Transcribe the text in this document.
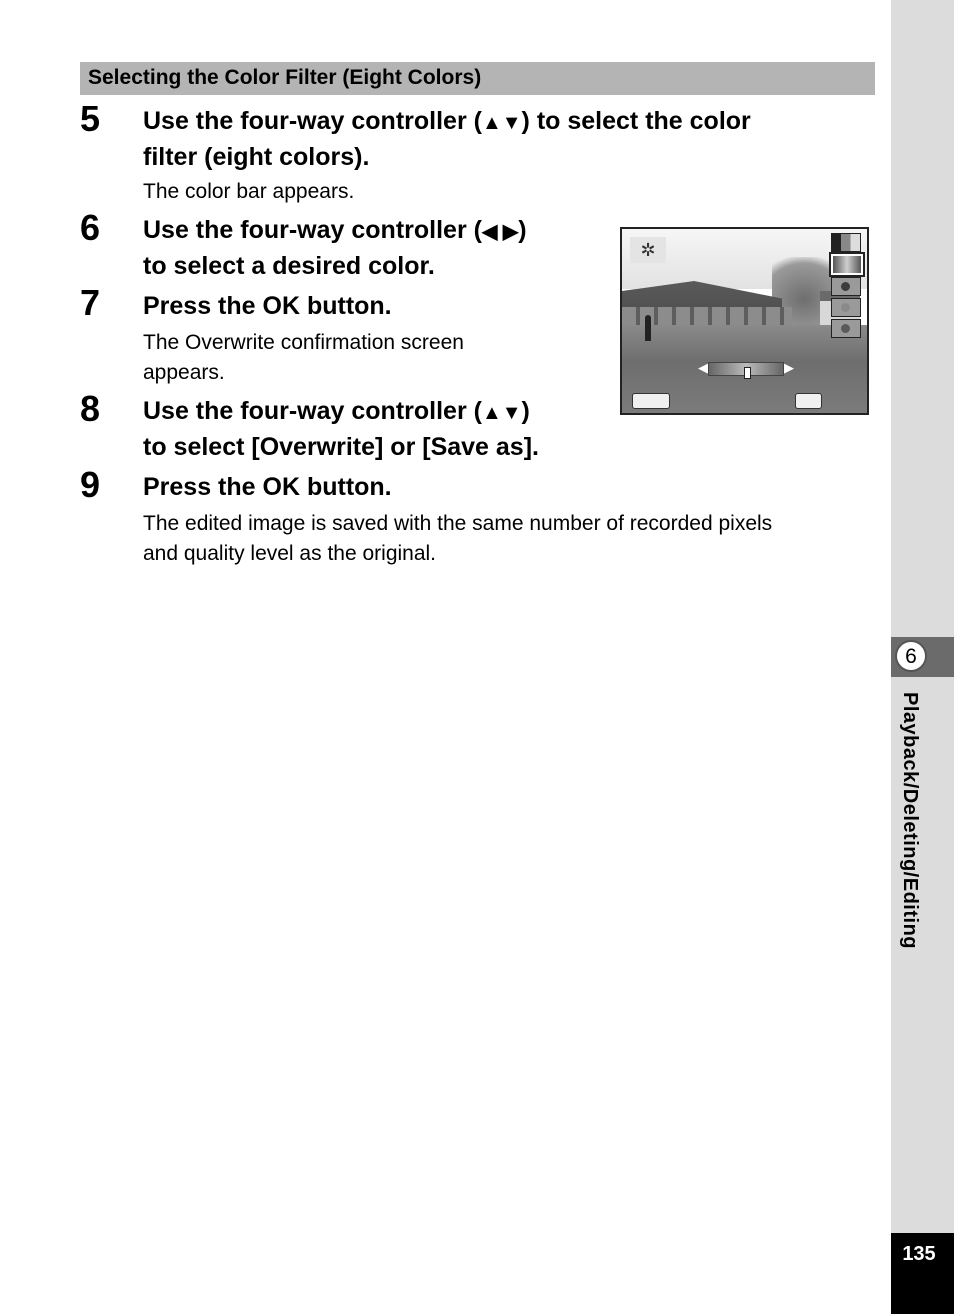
Selecting the Color Filter (Eight Colors)
5 Use the four-way controller (▲▼) to select the color
filter (eight colors).
The color bar appears.
6 Use the four-way controller (◀ ▶)
to select a desired color.
7 Press the OK button.
The Overwrite confirmation screen
appears.
8 Use the four-way controller (▲▼)
to select [Overwrite] or [Save as].
9 Press the OK button.
The edited image is saved with the same number of recorded pixels
and quality level as the original.
✲
◀	▶
6
Playback/Deleting/Editing
135
